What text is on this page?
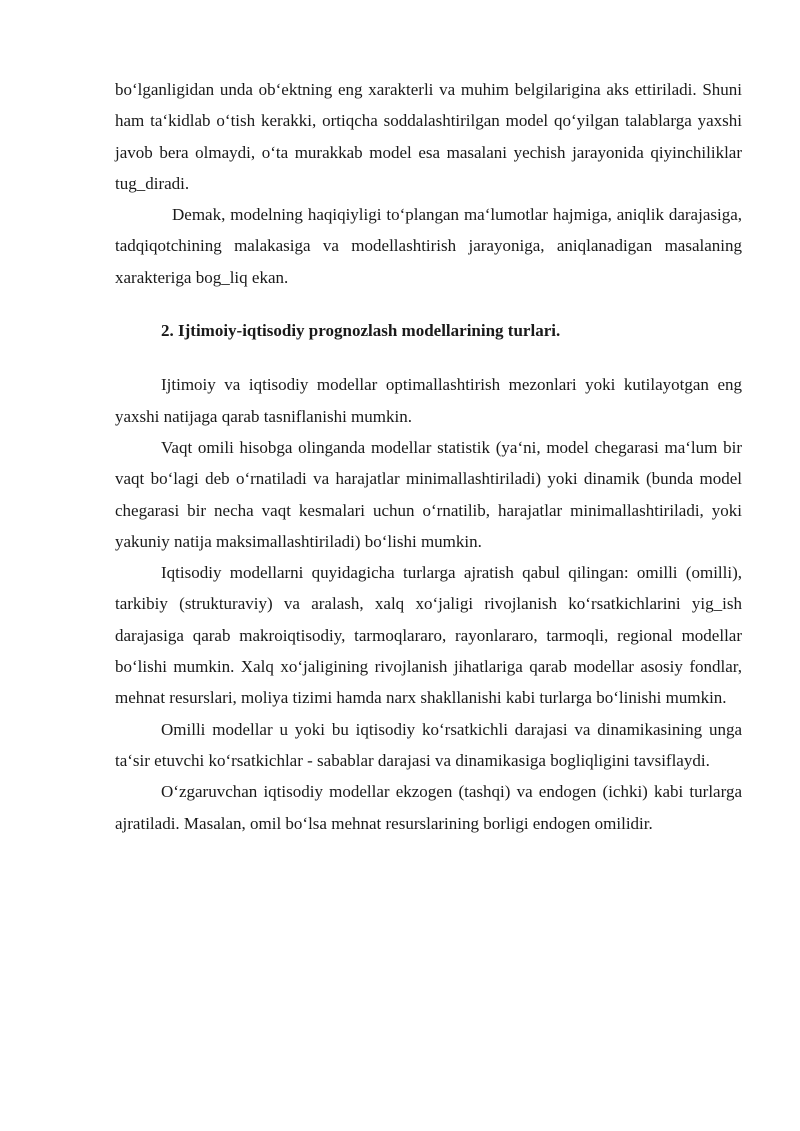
bo‘lganligidan unda ob‘ektning eng xarakterli va muhim belgilarigina aks ettiriladi. Shuni ham ta‘kidlab o‘tish kerakki, ortiqcha soddalashtirilgan model qo‘yilgan talablarga yaxshi javob bera olmaydi, o‘ta murakkab model esa masalani yechish jarayonida qiyinchiliklar tug_diradi.

Demak, modelning haqiqiyligi to‘plangan ma‘lumotlar hajmiga, aniqlik darajasiga, tadqiqotchining malakasiga va modellashtirish jarayoniga, aniqlanadigan masalaning xarakteriga bog_liq ekan.

2. Ijtimoiy-iqtisodiy prognozlash modellarining turlari.

Ijtimoiy va iqtisodiy modellar optimallashtirish mezonlari yoki kutilayotgan eng yaxshi natijaga qarab tasniflanishi mumkin.

Vaqt omili hisobga olinganda modellar statistik (ya‘ni, model chegarasi ma‘lum bir vaqt bo‘lagi deb o‘rnatiladi va harajatlar minimallashtiriladi) yoki dinamik (bunda model chegarasi bir necha vaqt kesmalari uchun o‘rnatilib, harajatlar minimallashtiriladi, yoki yakuniy natija maksimallashtiriladi) bo‘lishi mumkin.

Iqtisodiy modellarni quyidagicha turlarga ajratish qabul qilingan: omilli (omilli), tarkibiy (strukturaviy) va aralash, xalq xo‘jaligi rivojlanish ko‘rsatkichlarini yig_ish darajasiga qarab makroiqtisodiy, tarmoqlararo, rayonlararo, tarmoqli, regional modellar bo‘lishi mumkin. Xalq xo‘jaligining rivojlanish jihatlariga qarab modellar asosiy fondlar, mehnat resurslari, moliya tizimi hamda narx shakllanishi kabi turlarga bo‘linishi mumkin.

Omilli modellar u yoki bu iqtisodiy ko‘rsatkichli darajasi va dinamikasining unga ta‘sir etuvchi ko‘rsatkichlar - sabablar darajasi va dinamikasiga bogliqligini tavsiflaydi.

O‘zgaruvchan iqtisodiy modellar ekzogen (tashqi) va endogen (ichki) kabi turlarga ajratiladi. Masalan, omil bo‘lsa mehnat resurslarining borligi endogen omilidir.
